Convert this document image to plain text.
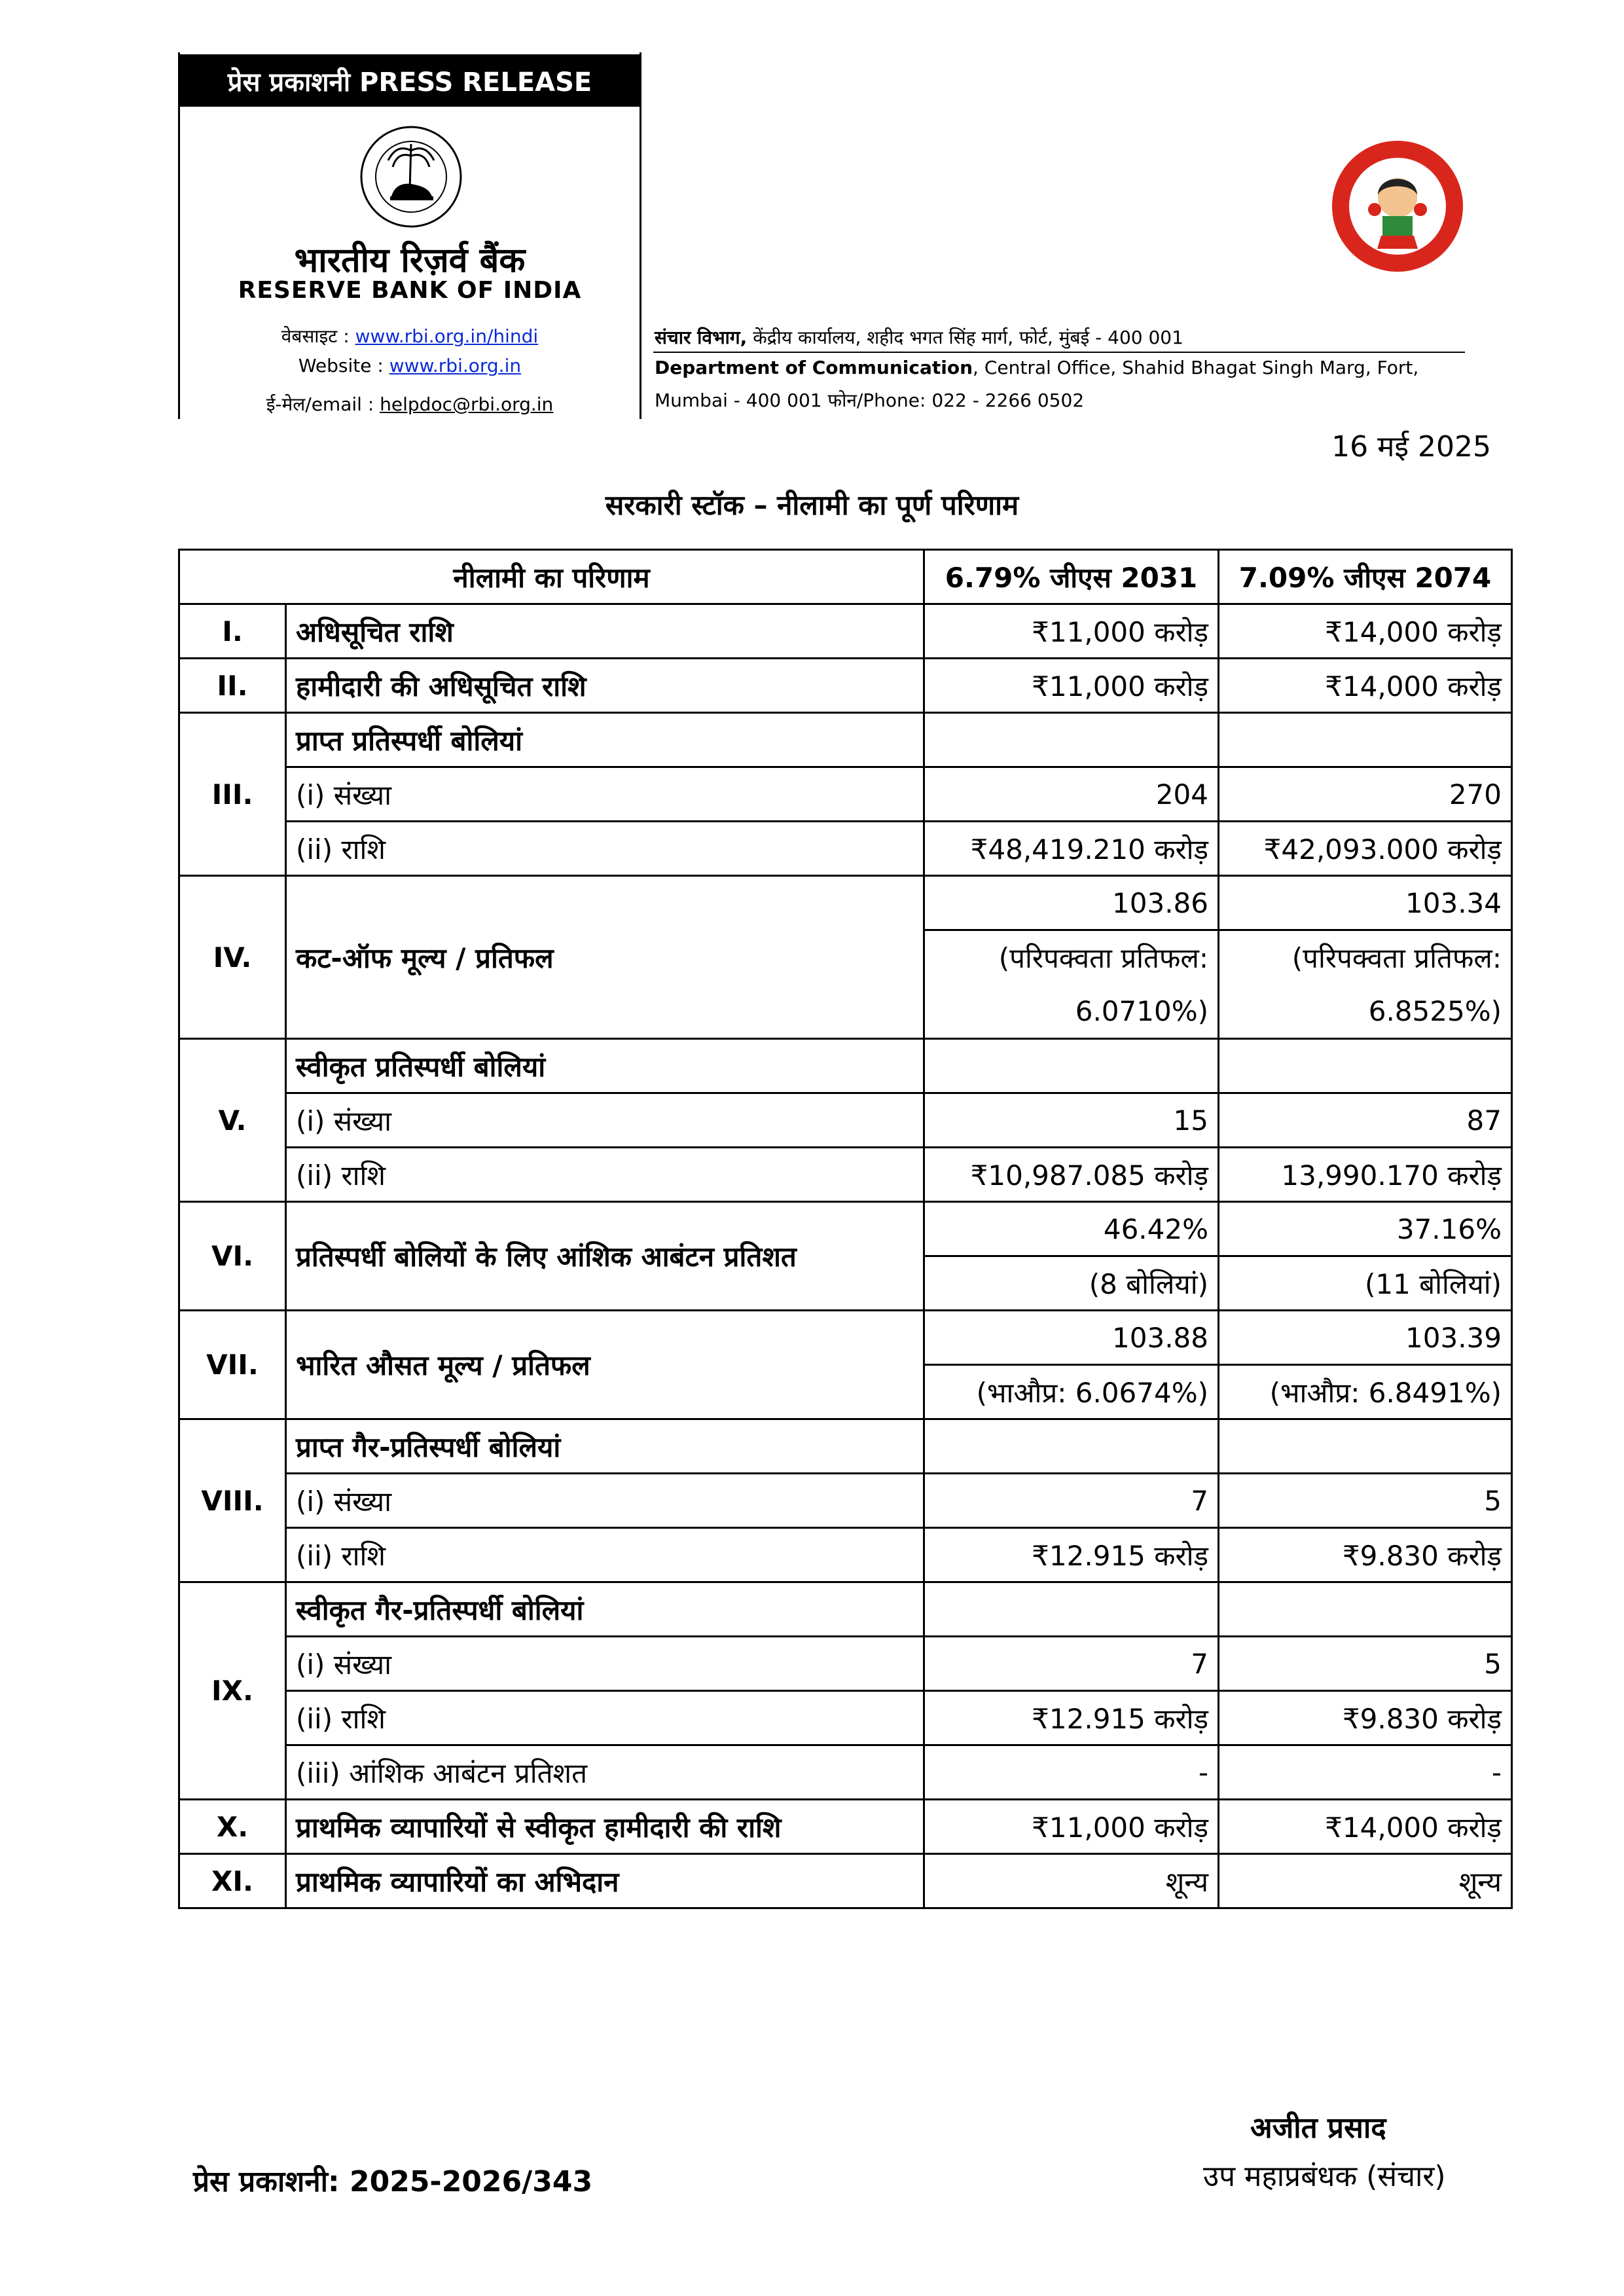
प्रेस प्रकाशनी PRESS RELEASE
भारतीय रिज़र्व बैंक
RESERVE BANK OF INDIA
वेबसाइट : www.rbi.org.in/hindi
Website : www.rbi.org.in
ई-मेल/email : helpdoc@rbi.org.in
संचार विभाग, केंद्रीय कार्यालय, शहीद भगत सिंह मार्ग, फोर्ट, मुंबई - 400 001
Department of Communication, Central Office, Shahid Bhagat Singh Marg, Fort,
Mumbai - 400 001 फोन/Phone: 022 - 2266 0502
16 मई 2025
सरकारी स्टॉक – नीलामी का पूर्ण परिणाम
नीलामी का परिणाम		6.79% जीएस 2031	7.09% जीएस 2074
I.	अधिसूचित राशि	₹11,000 करोड़	₹14,000 करोड़
II.	हामीदारी की अधिसूचित राशि	₹11,000 करोड़	₹14,000 करोड़
III.	प्राप्त प्रतिस्पर्धी बोलियां		
	(i) संख्या	204	270
	(ii) राशि	₹48,419.210 करोड़	₹42,093.000 करोड़
IV.	कट-ऑफ मूल्य / प्रतिफल	103.86	103.34
		(परिपक्वता प्रतिफल:	(परिपक्वता प्रतिफल:
		6.0710%)	6.8525%)
V.	स्वीकृत प्रतिस्पर्धी बोलियां		
	(i) संख्या	15	87
	(ii) राशि	₹10,987.085 करोड़	13,990.170 करोड़
VI.	प्रतिस्पर्धी बोलियों के लिए आंशिक आबंटन प्रतिशत	46.42%	37.16%
		(8 बोलियां)	(11 बोलियां)
VII.	भारित औसत मूल्य / प्रतिफल	103.88	103.39
		(भाऔप्र: 6.0674%)	(भाऔप्र: 6.8491%)
VIII.	प्राप्त गैर-प्रतिस्पर्धी बोलियां		
	(i) संख्या	7	5
	(ii) राशि	₹12.915 करोड़	₹9.830 करोड़
IX.	स्वीकृत गैर-प्रतिस्पर्धी बोलियां		
	(i) संख्या	7	5
	(ii) राशि	₹12.915 करोड़	₹9.830 करोड़
	(iii) आंशिक आबंटन प्रतिशत	-	-
X.	प्राथमिक व्यापारियों से स्वीकृत हामीदारी की राशि	₹11,000 करोड़	₹14,000 करोड़
XI.	प्राथमिक व्यापारियों का अभिदान	शून्य	शून्य
अजीत प्रसाद
उप महाप्रबंधक (संचार)
प्रेस प्रकाशनी: 2025-2026/343
